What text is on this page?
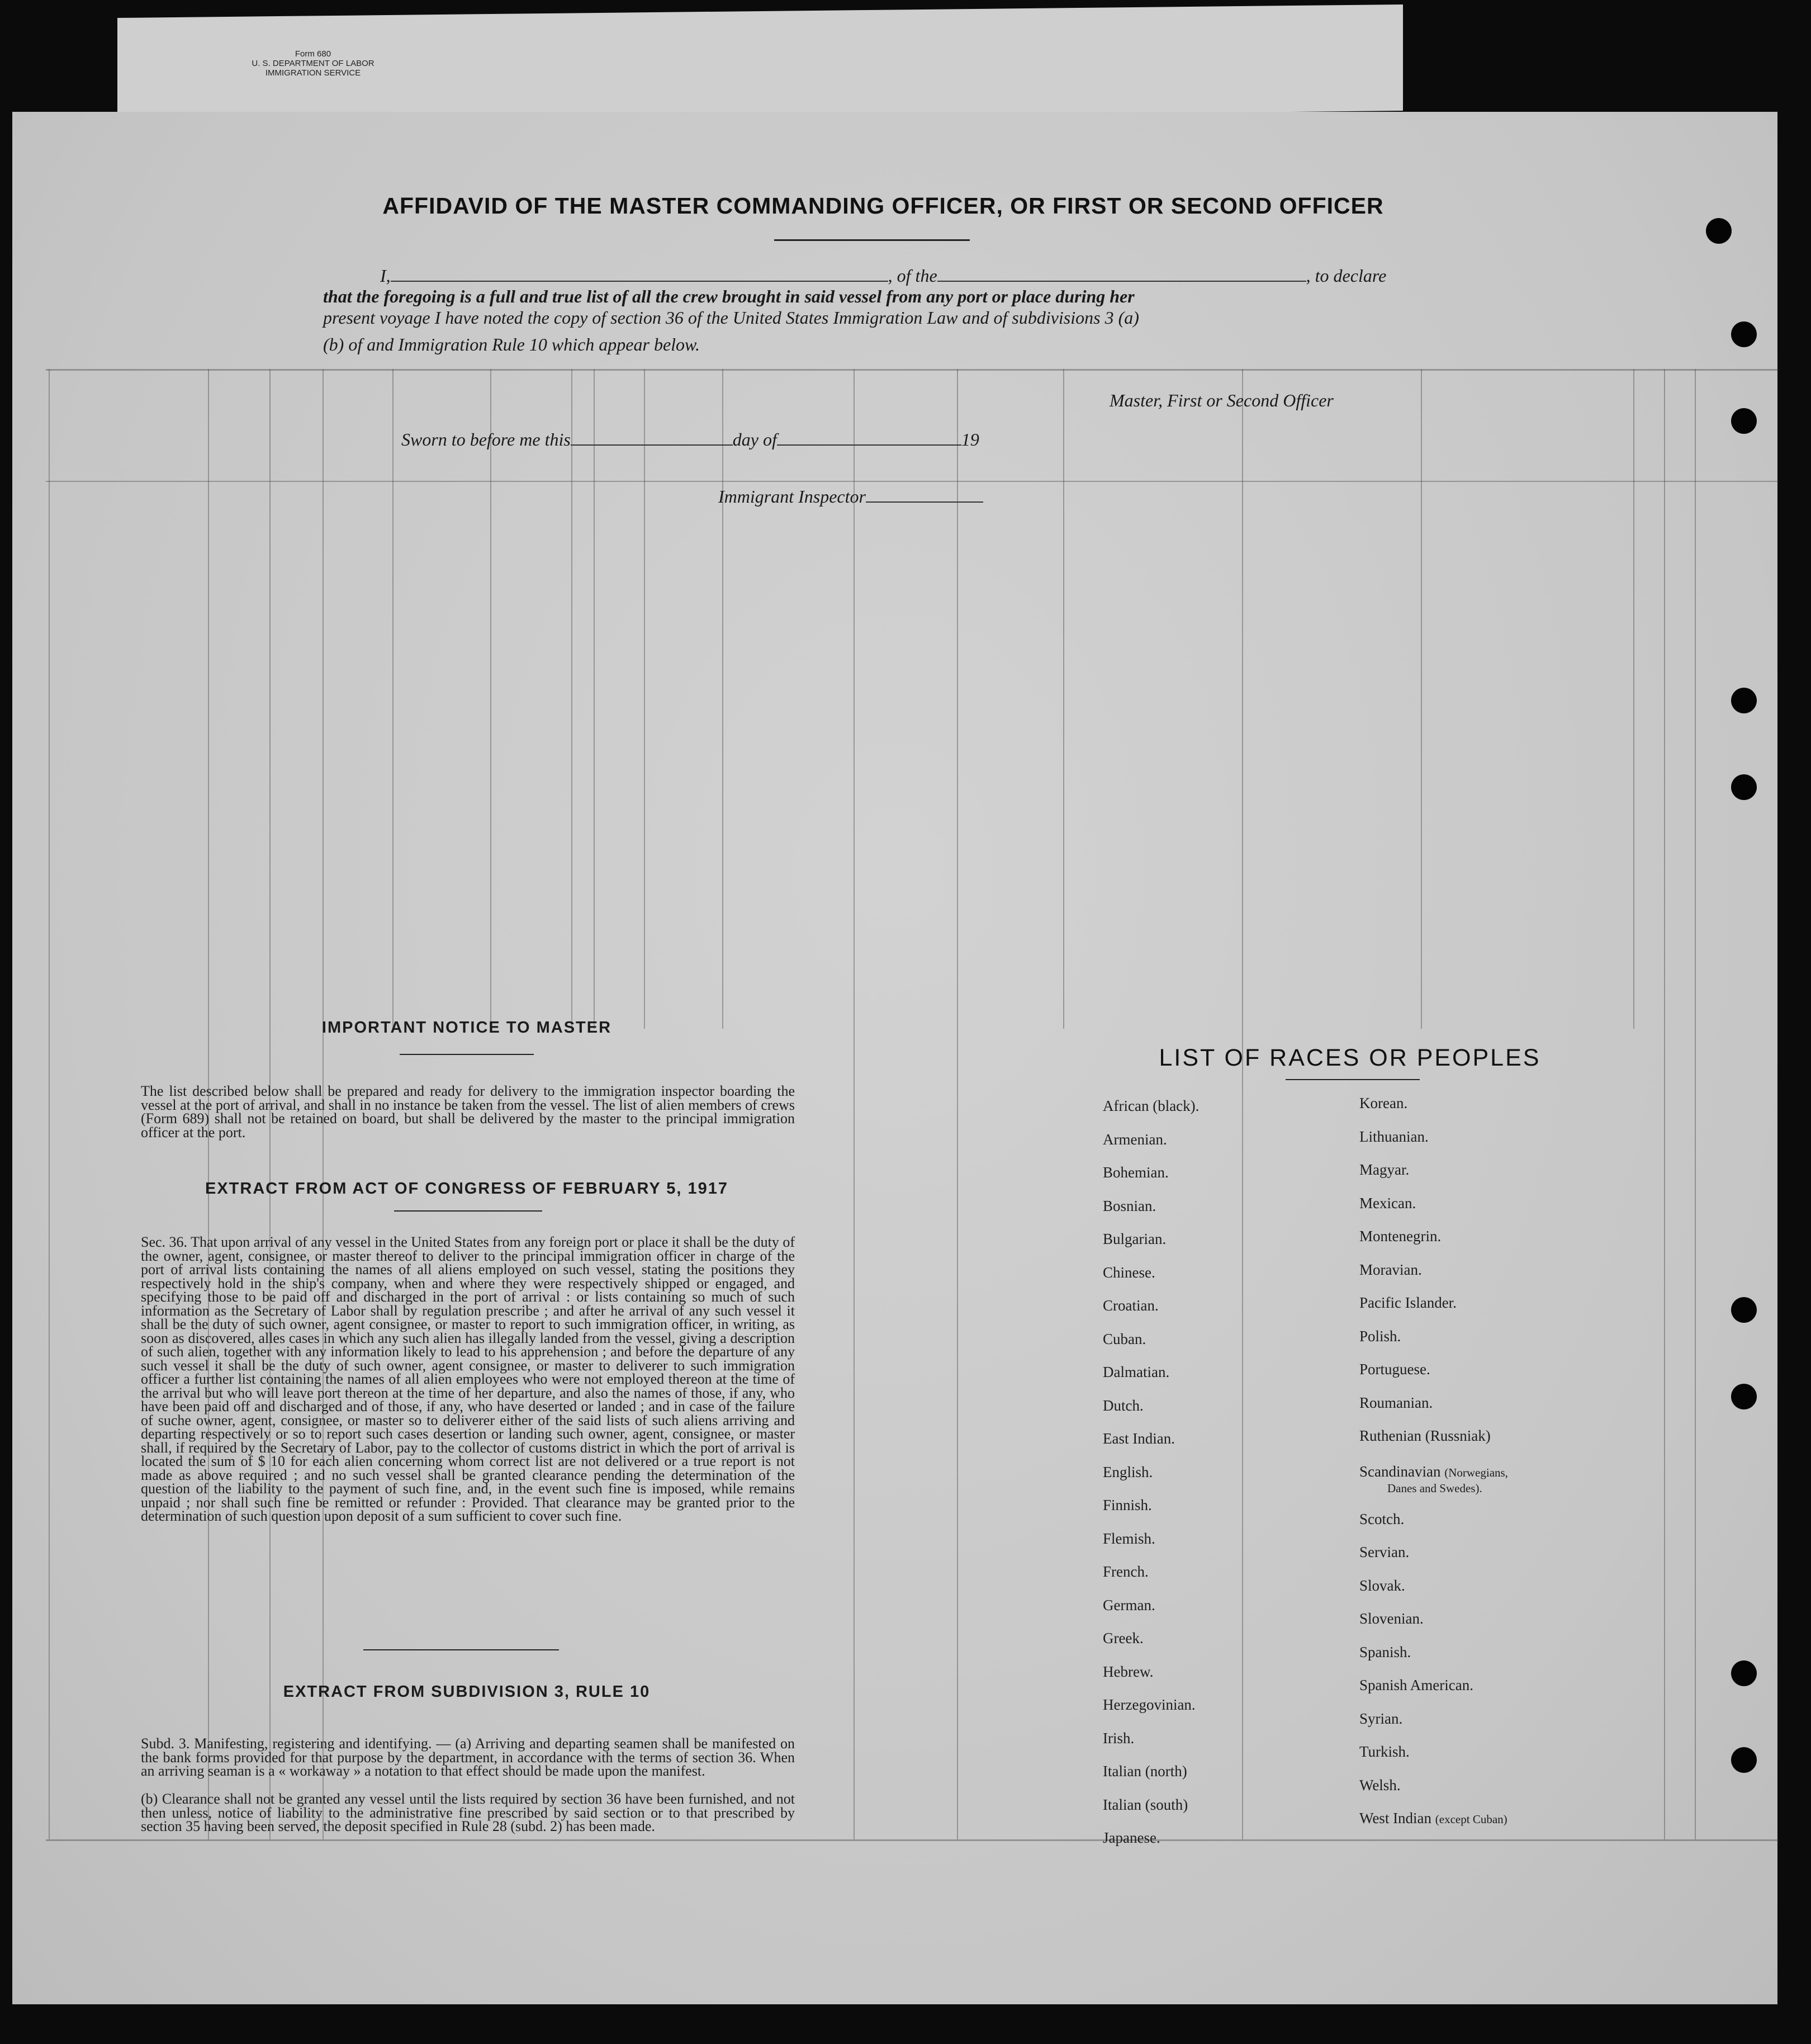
Form 680
U. S. DEPARTMENT OF LABOR
IMMIGRATION SERVICE
AFFIDAVID OF THE MASTER COMMANDING OFFICER, OR FIRST OR SECOND OFFICER
I,	, of the	, to declare
that the foregoing is a full and true list of all the crew brought in said vessel from any port or place during her
present voyage I have noted the copy of section 36 of the United States Immigration Law and of subdivisions 3 (a)
(b) of and Immigration Rule 10 which appear below.
Master, First or Second Officer
Sworn to before me this	day of	19
Immigrant Inspector
IMPORTANT NOTICE TO MASTER
The list described below shall be prepared and ready for delivery to the immigration inspector boarding the vessel at the port of arrival, and shall in no instance be taken from the vessel. The list of alien members of crews (Form 689) shall not be retained on board, but shall be delivered by the master to the principal immigration officer at the port.
EXTRACT FROM ACT OF CONGRESS OF FEBRUARY 5, 1917
Sec. 36. That upon arrival of any vessel in the United States from any foreign port or place it shall be the duty of the owner, agent, consignee, or master thereof to deliver to the principal immigration officer in charge of the port of arrival lists containing the names of all aliens employed on such vessel, stating the positions they respectively hold in the ship's company, when and where they were respectively shipped or engaged, and specifying those to be paid off and discharged in the port of arrival : or lists containing so much of such information as the Secretary of Labor shall by regulation prescribe ; and after he arrival of any such vessel it shall be the duty of such owner, agent consignee, or master to report to such immigration officer, in writing, as soon as discovered, alles cases in which any such alien has illegally landed from the vessel, giving a description of such alien, together with any information likely to lead to his apprehension ; and before the departure of any such vessel it shall be the duty of such owner, agent consignee, or master to deliverer to such immigration officer a further list containing the names of all alien employees who were not employed thereon at the time of the arrival but who will leave port thereon at the time of her departure, and also the names of those, if any, who have been paid off and discharged and of those, if any, who have deserted or landed ; and in case of the failure of suche owner, agent, consignee, or master so to deliverer either of the said lists of such aliens arriving and departing respectively or so to report such cases desertion or landing such owner, agent, consignee, or master shall, if required by the Secretary of Labor, pay to the collector of customs district in which the port of arrival is located the sum of $ 10 for each alien concerning whom correct list are not delivered or a true report is not made as above required ; and no such vessel shall be granted clearance pending the determination of the question of the liability to the payment of such fine, and, in the event such fine is imposed, while remains unpaid ; nor shall such fine be remitted or refunder : Provided. That clearance may be granted prior to the determination of such question upon deposit of a sum sufficient to cover such fine.
EXTRACT FROM SUBDIVISION 3, RULE 10
Subd. 3. Manifesting, registering and identifying. — (a) Arriving and departing seamen shall be manifested on the bank forms provided for that purpose by the department, in accordance with the terms of section 36. When an arriving seaman is a « workaway » a notation to that effect should be made upon the manifest.
(b) Clearance shall not be granted any vessel until the lists required by section 36 have been furnished, and not then unless, notice of liability to the administrative fine prescribed by said section or to that prescribed by section 35 having been served, the deposit specified in Rule 28 (subd. 2) has been made.
LIST OF RACES OR PEOPLES
African (black).
Armenian.
Bohemian.
Bosnian.
Bulgarian.
Chinese.
Croatian.
Cuban.
Dalmatian.
Dutch.
East Indian.
English.
Finnish.
Flemish.
French.
German.
Greek.
Hebrew.
Herzegovinian.
Irish.
Italian (north)
Italian (south)
Japanese.
Korean.
Lithuanian.
Magyar.
Mexican.
Montenegrin.
Moravian.
Pacific Islander.
Polish.
Portuguese.
Roumanian.
Ruthenian (Russniak)
Scandinavian (Norwegians,
Danes and Swedes).
Scotch.
Servian.
Slovak.
Slovenian.
Spanish.
Spanish American.
Syrian.
Turkish.
Welsh.
West Indian (except Cuban)
